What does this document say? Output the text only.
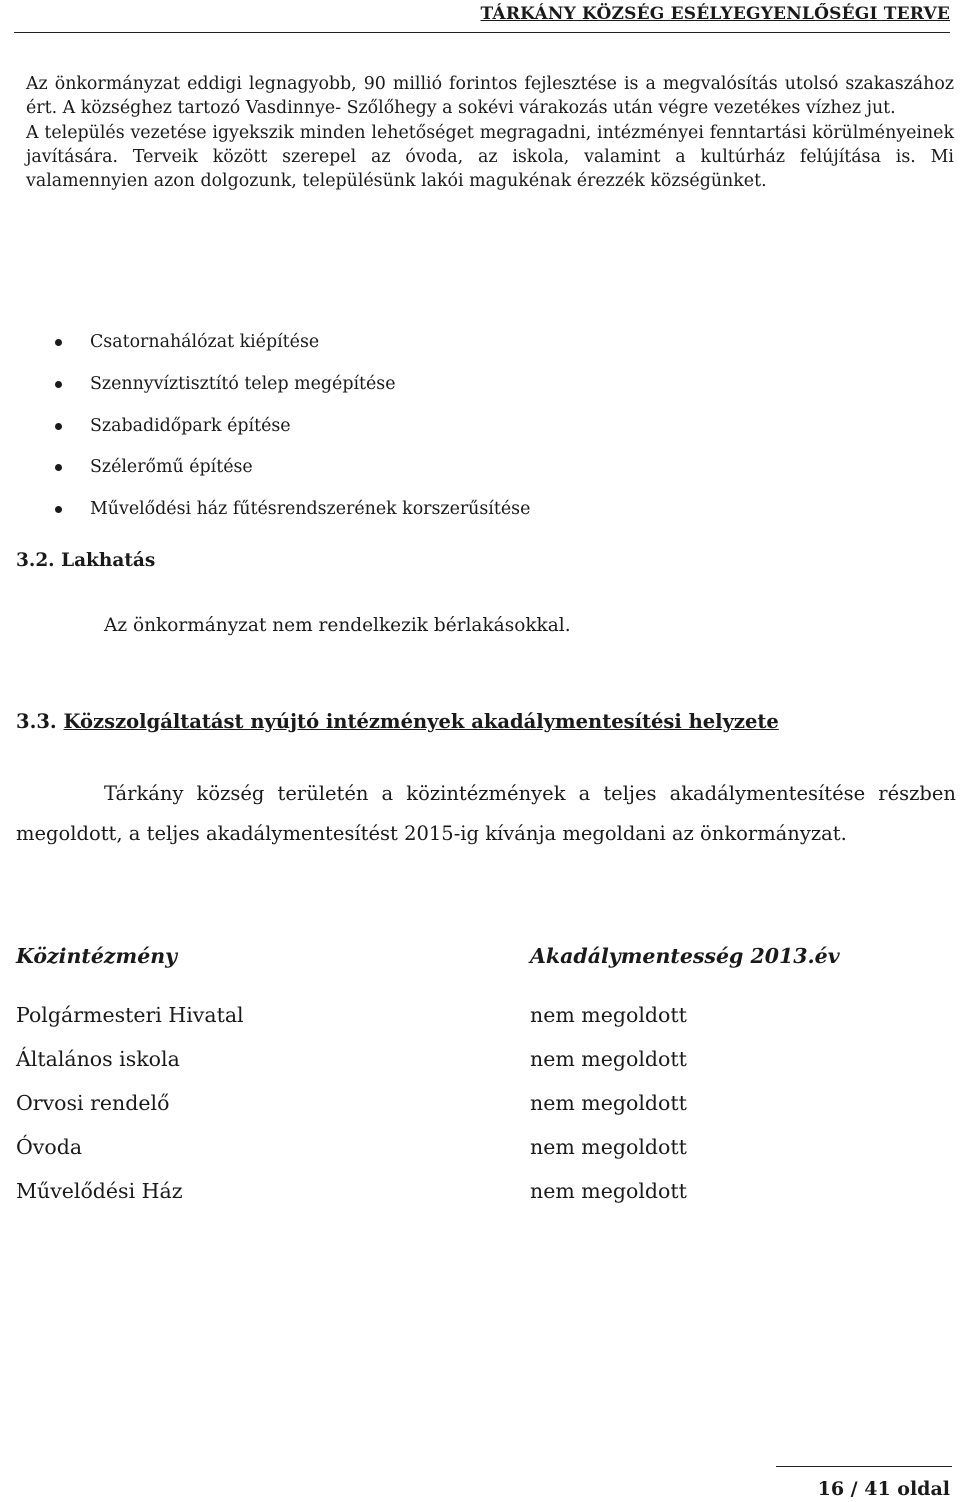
TÁRKÁNY KÖZSÉG ESÉLYEGYENLŐSÉGI TERVE

Az önkormányzat eddigi legnagyobb, 90 millió forintos fejlesztése is a megvalósítás utolsó szakaszához ért. A községhez tartozó Vasdinnye- Szőlőhegy a sokévi várakozás után végre vezetékes vízhez jut.

A település vezetése igyekszik minden lehetőséget megragadni, intézményei fenntartási körülményeinek javítására. Terveik között szerepel az óvoda, az iskola, valamint a kultúrház felújítása is. Mi valamennyien azon dolgozunk, településünk lakói magukénak érezzék községünket.

Csatornahálózat kiépítése
Szennyvíztisztító telep megépítése
Szabadidőpark építése
Szélerőmű építése
Művelődési ház fűtésrendszerének korszerűsítése
3.2. Lakhatás

Az önkormányzat nem rendelkezik bérlakásokkal.

3.3. Közszolgáltatást nyújtó intézmények akadálymentesítési helyzete

Tárkány község területén a közintézmények a teljes akadálymentesítése részben megoldott, a teljes akadálymentesítést 2015-ig kívánja megoldani az önkormányzat.

Közintézmény	Akadálymentesség 2013.év
Polgármesteri Hivatal	nem megoldott
Általános iskola	nem megoldott
Orvosi rendelő	nem megoldott
Óvoda	nem megoldott
Művelődési Ház	nem megoldott
16 / 41 oldal
